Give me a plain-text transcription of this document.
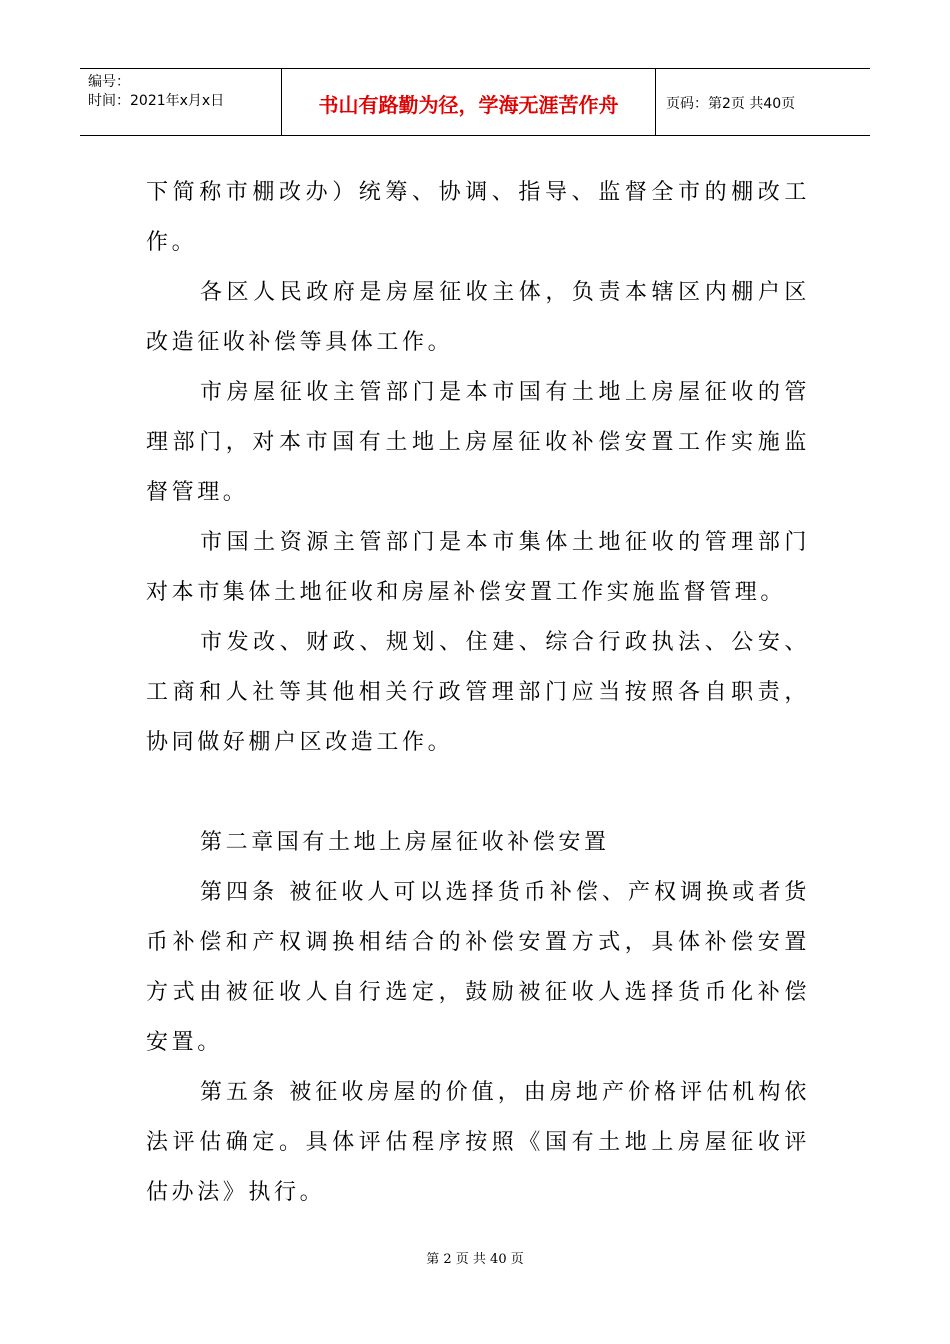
编号：
时间：2021年x月x日	书山有路勤为径，学海无涯苦作舟	页码：第2页 共40页

下简称市棚改办）统筹、协调、指导、监督全市的棚改工作。

各区人民政府是房屋征收主体，负责本辖区内棚户区改造征收补偿等具体工作。

市房屋征收主管部门是本市国有土地上房屋征收的管理部门，对本市国有土地上房屋征收补偿安置工作实施监督管理。

市国土资源主管部门是本市集体土地征收的管理部门对本市集体土地征收和房屋补偿安置工作实施监督管理。

市发改、财政、规划、住建、综合行政执法、公安、工商和人社等其他相关行政管理部门应当按照各自职责，协同做好棚户区改造工作。

第二章国有土地上房屋征收补偿安置

第四条 被征收人可以选择货币补偿、产权调换或者货币补偿和产权调换相结合的补偿安置方式，具体补偿安置方式由被征收人自行选定，鼓励被征收人选择货币化补偿安置。

第五条 被征收房屋的价值，由房地产价格评估机构依法评估确定。具体评估程序按照《国有土地上房屋征收评估办法》执行。

第 2 页 共 40 页
